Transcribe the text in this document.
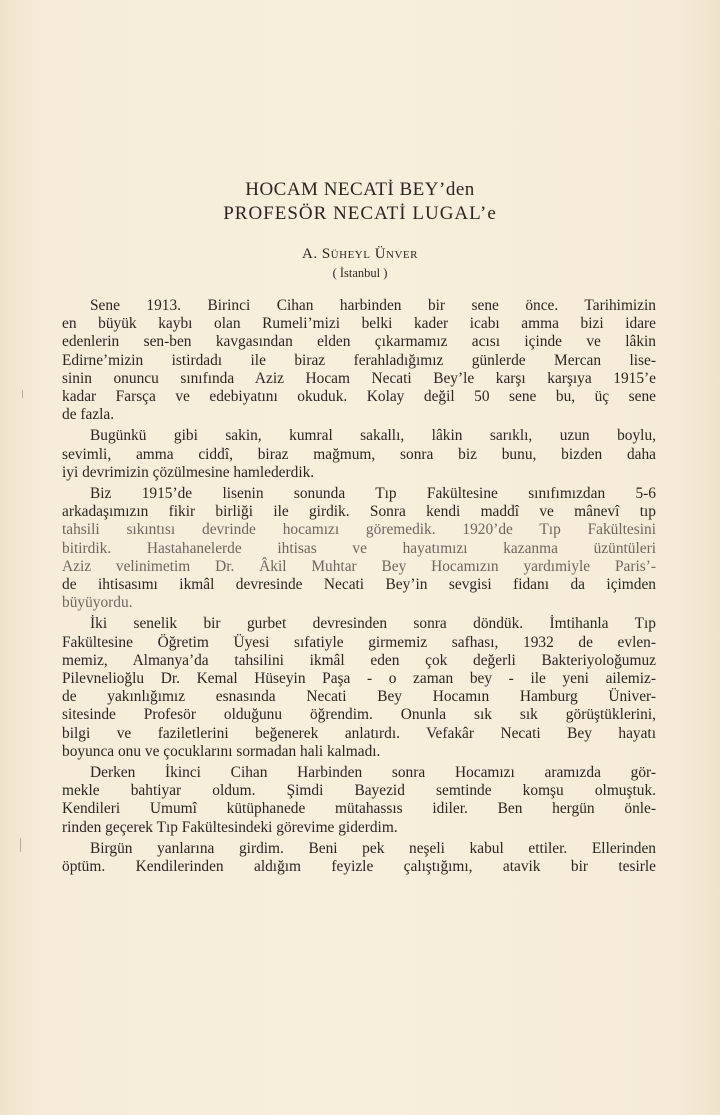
HOCAM NECATİ BEY’den
PROFESÖR NECATİ LUGAL’e
A. Süheyl Ünver
( İstanbul )
Sene 1913. Birinci Cihan harbinden bir sene önce. Tarihimizin
en büyük kaybı olan Rumeli’mizi belki kader icabı amma bizi idare
edenlerin sen-ben kavgasından elden çıkarmamız acısı içinde ve lâkin
Edirne’mizin istirdadı ile biraz ferahladığımız günlerde Mercan lise-
sinin onuncu sınıfında Aziz Hocam Necati Bey’le karşı karşıya 1915’e
kadar Farsça ve edebiyatını okuduk. Kolay değil 50 sene bu, üç sene
de fazla.
Bugünkü gibi sakin, kumral sakallı, lâkin sarıklı, uzun boylu,
sevimli, amma ciddî, biraz mağmum, sonra biz bunu, bizden daha
iyi devrimizin çözülmesine hamlederdik.
Biz 1915’de lisenin sonunda Tıp Fakültesine sınıfımızdan 5-6
arkadaşımızın fikir birliği ile girdik. Sonra kendi maddî ve mânevî tıp
tahsili sıkıntısı devrinde hocamızı göremedik. 1920’de Tıp Fakültesini
bitirdik. Hastahanelerde ihtisas ve hayatımızı kazanma üzüntüleri
Aziz velinimetim Dr. Âkil Muhtar Bey Hocamızın yardımiyle Paris’-
de ihtisasımı ikmâl devresinde Necati Bey’in sevgisi fidanı da içimden
büyüyordu.
İki senelik bir gurbet devresinden sonra döndük. İmtihanla Tıp
Fakültesine Öğretim Üyesi sıfatiyle girmemiz safhası, 1932 de evlen-
memiz, Almanya’da tahsilini ikmâl eden çok değerli Bakteriyoloğumuz
Pilevnelioğlu Dr. Kemal Hüseyin Paşa - o zaman bey - ile yeni ailemiz-
de yakınlığımız esnasında Necati Bey Hocamın Hamburg Üniver-
sitesinde Profesör olduğunu öğrendim. Onunla sık sık görüştüklerini,
bilgi ve faziletlerini beğenerek anlatırdı. Vefakâr Necati Bey hayatı
boyunca onu ve çocuklarını sormadan hali kalmadı.
Derken İkinci Cihan Harbinden sonra Hocamızı aramızda gör-
mekle bahtiyar oldum. Şimdi Bayezid semtinde komşu olmuştuk.
Kendileri Umumî kütüphanede mütahassıs idiler. Ben hergün önle-
rinden geçerek Tıp Fakültesindeki görevime giderdim.
Birgün yanlarına girdim. Beni pek neşeli kabul ettiler. Ellerinden
öptüm. Kendilerinden aldığım feyizle çalıştığımı, atavik bir tesirle
